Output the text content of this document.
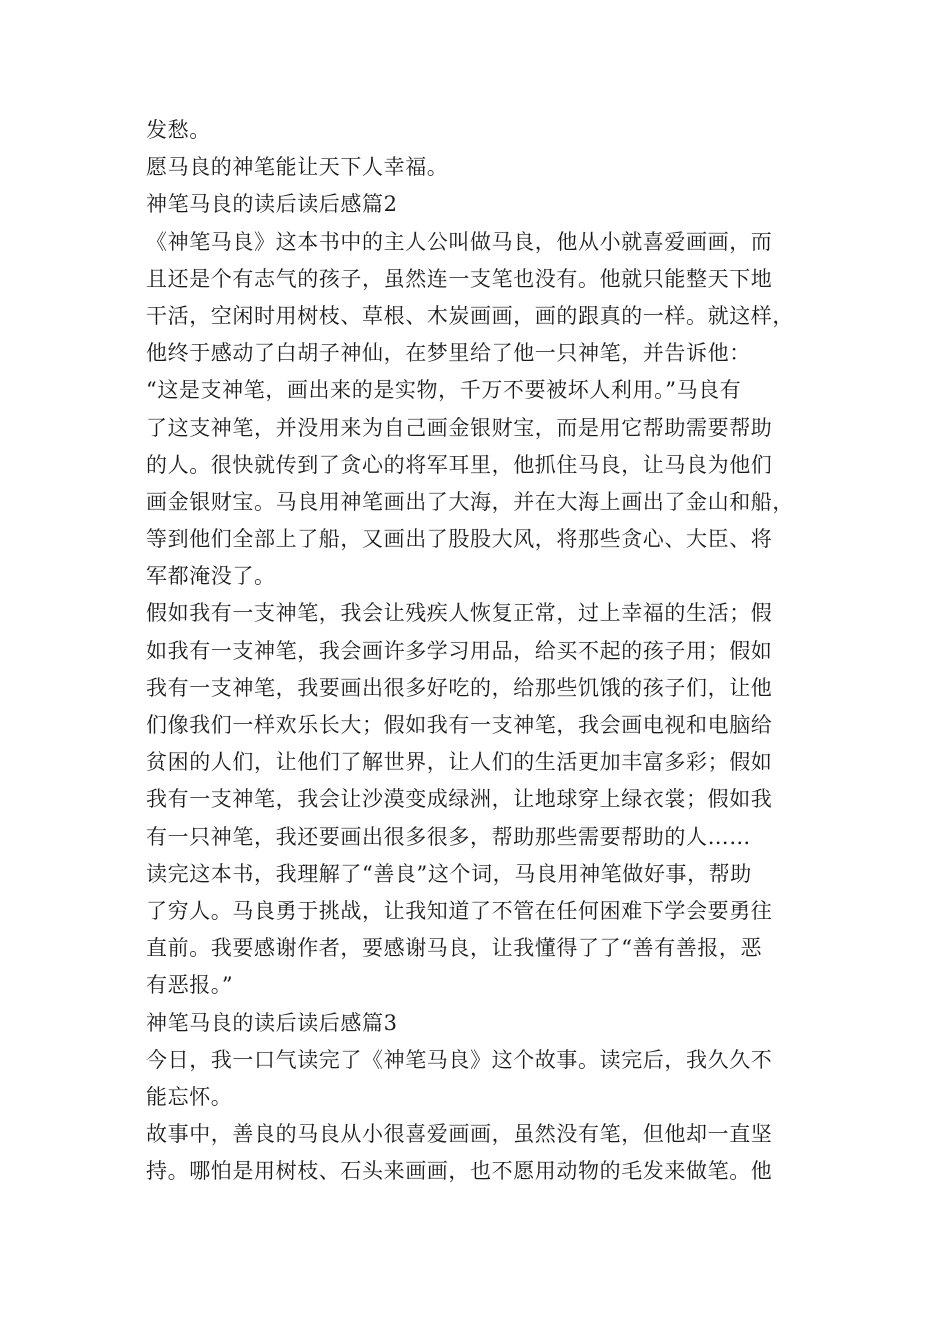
发愁。
愿马良的神笔能让天下人幸福。
神笔马良的读后读后感篇2
《神笔马良》这本书中的主人公叫做马良，他从小就喜爱画画，而
且还是个有志气的孩子，虽然连一支笔也没有。他就只能整天下地
干活，空闲时用树枝、草根、木炭画画，画的跟真的一样。就这样，
他终于感动了白胡子神仙，在梦里给了他一只神笔，并告诉他：
“这是支神笔，画出来的是实物，千万不要被坏人利用。”马良有
了这支神笔，并没用来为自己画金银财宝，而是用它帮助需要帮助
的人。很快就传到了贪心的将军耳里，他抓住马良，让马良为他们
画金银财宝。马良用神笔画出了大海，并在大海上画出了金山和船，
等到他们全部上了船，又画出了股股大风，将那些贪心、大臣、将
军都淹没了。
假如我有一支神笔，我会让残疾人恢复正常，过上幸福的生活；假
如我有一支神笔，我会画许多学习用品，给买不起的孩子用；假如
我有一支神笔，我要画出很多好吃的，给那些饥饿的孩子们，让他
们像我们一样欢乐长大；假如我有一支神笔，我会画电视和电脑给
贫困的人们，让他们了解世界，让人们的生活更加丰富多彩；假如
我有一支神笔，我会让沙漠变成绿洲，让地球穿上绿衣裳；假如我
有一只神笔，我还要画出很多很多，帮助那些需要帮助的人……
读完这本书，我理解了“善良”这个词，马良用神笔做好事，帮助
了穷人。马良勇于挑战，让我知道了不管在任何困难下学会要勇往
直前。我要感谢作者，要感谢马良，让我懂得了了“善有善报，恶
有恶报。”
神笔马良的读后读后感篇3
今日，我一口气读完了《神笔马良》这个故事。读完后，我久久不
能忘怀。
故事中，善良的马良从小很喜爱画画，虽然没有笔，但他却一直坚
持。哪怕是用树枝、石头来画画，也不愿用动物的毛发来做笔。他
